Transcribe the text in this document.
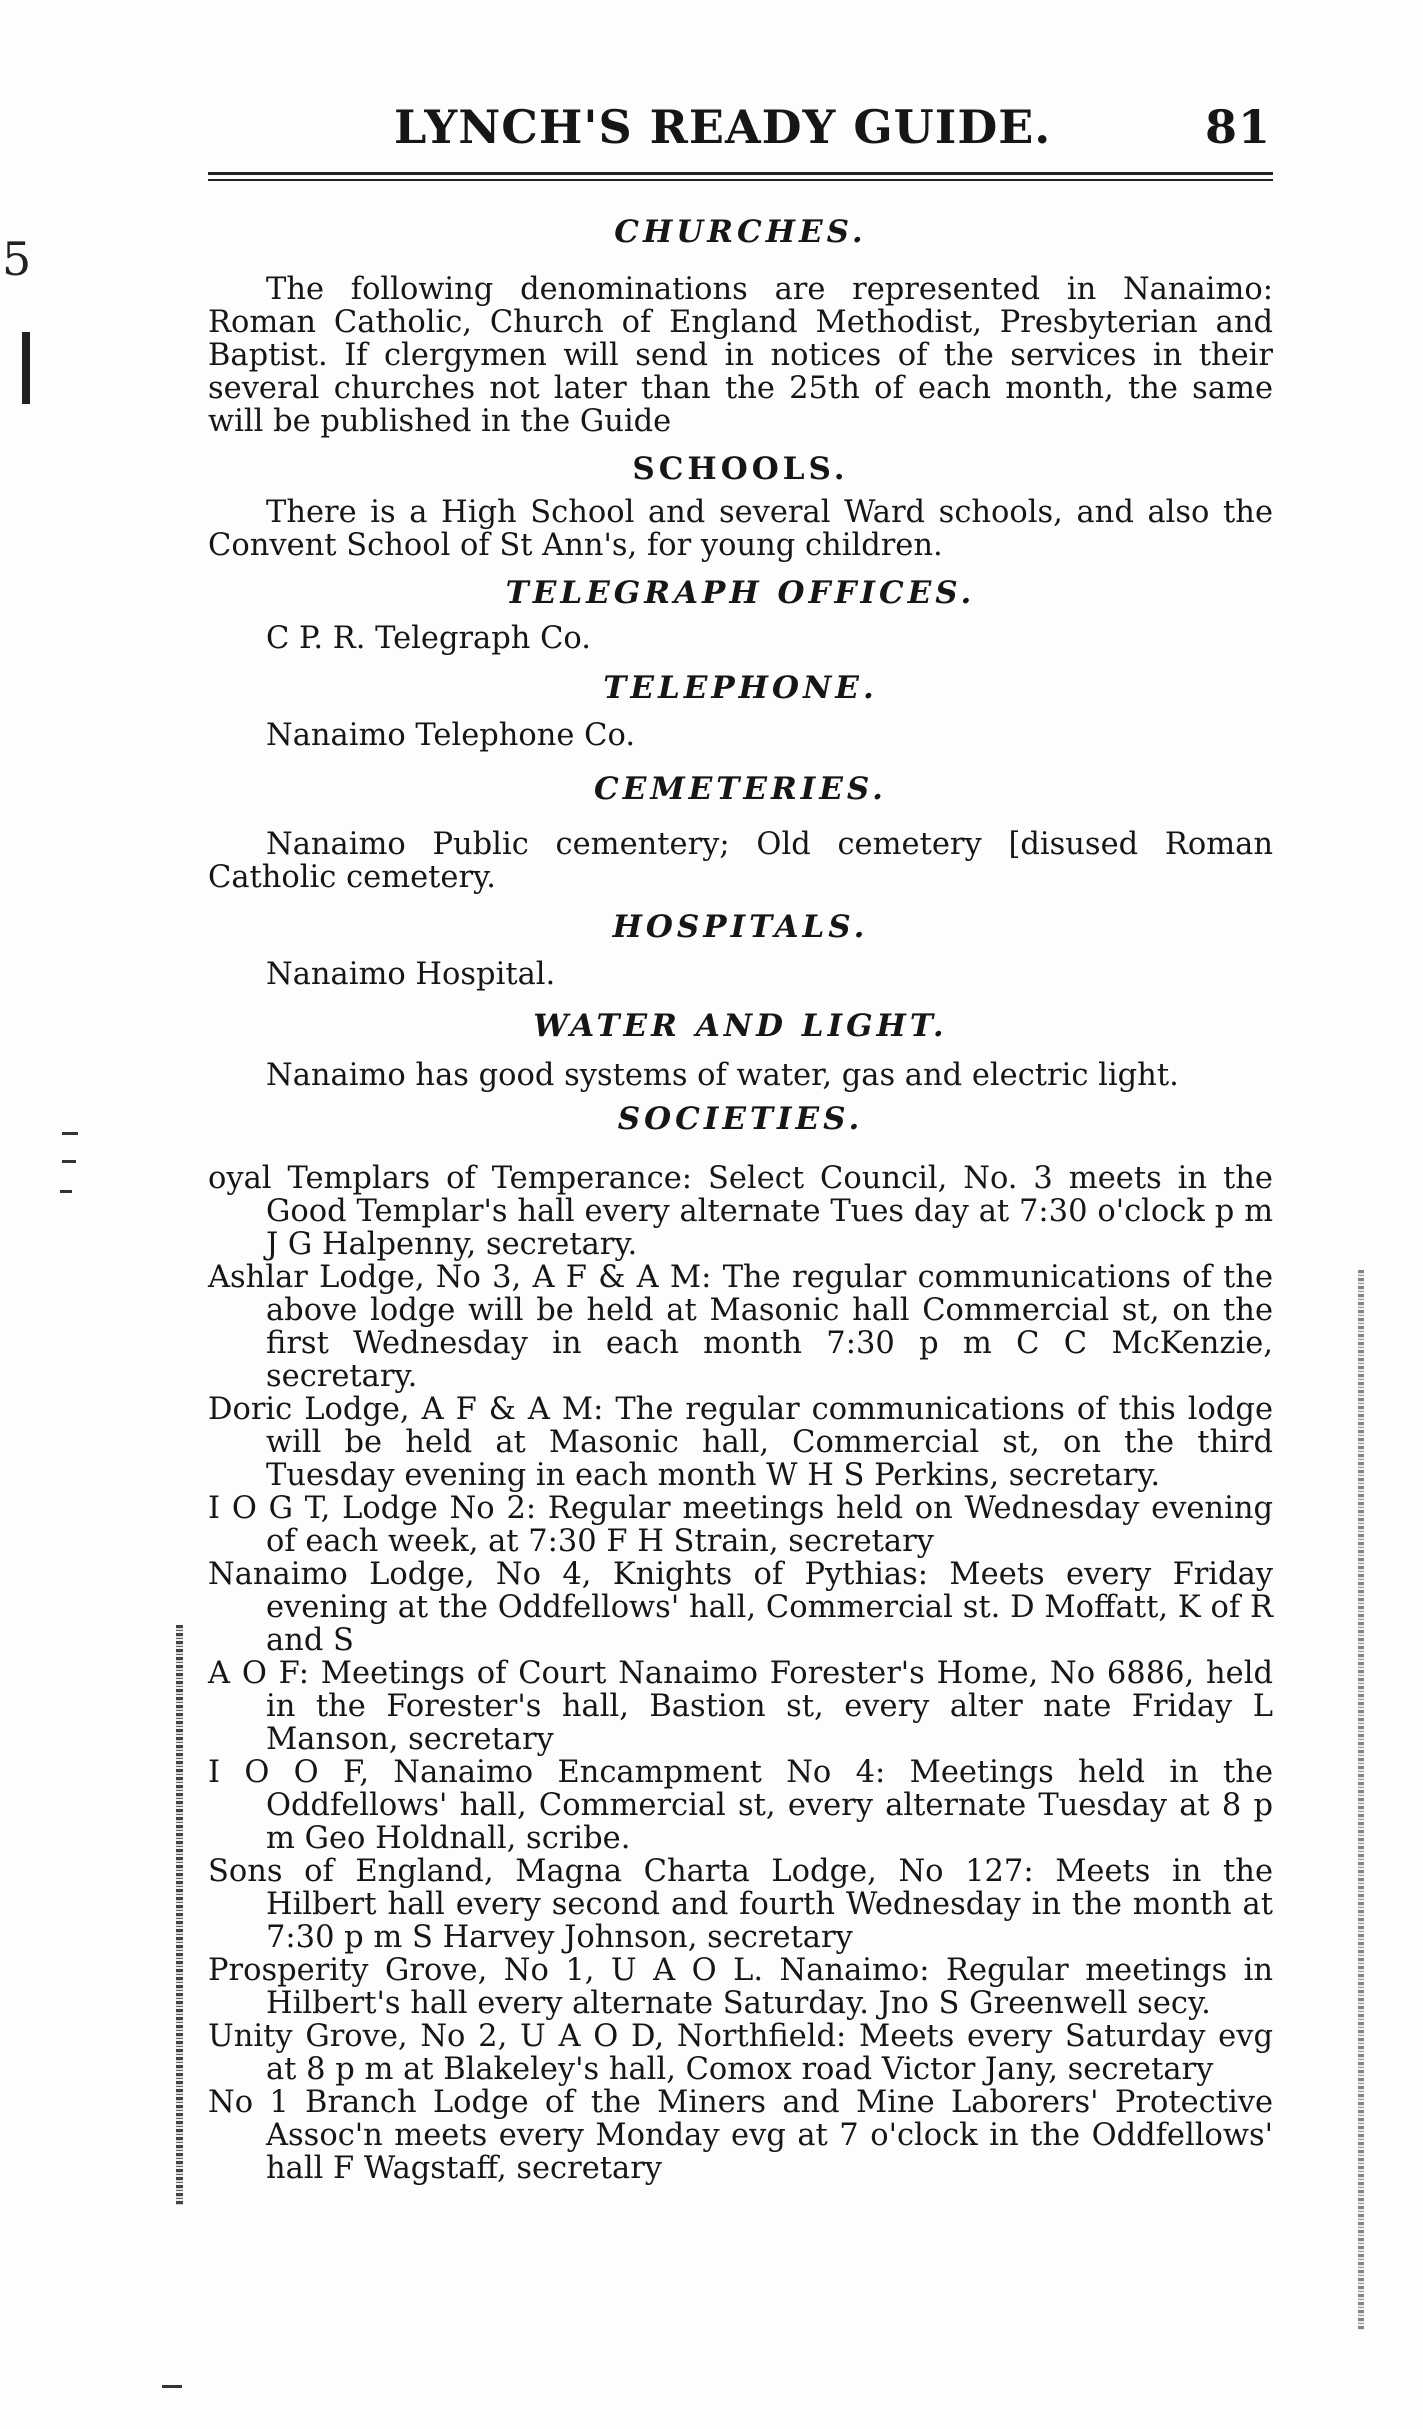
5
LYNCH'S READY GUIDE.	81
CHURCHES.

The following denominations are represented in Nanaimo: Roman Catholic, Church of England Methodist, Presbyterian and Baptist. If clergymen will send in notices of the services in their several churches not later than the 25th of each month, the same will be published in the Guide

SCHOOLS.

There is a High School and several Ward schools, and also the Convent School of St Ann's, for young children.

TELEGRAPH OFFICES.

C P. R. Telegraph Co.

TELEPHONE.

Nanaimo Telephone Co.

CEMETERIES.

Nanaimo Public cementery; Old cemetery [disused Roman Catholic cemetery.

HOSPITALS.

Nanaimo Hospital.

WATER AND LIGHT.

Nanaimo has good systems of water, gas and electric light.

SOCIETIES.
oyal Templars of Temperance: Select Council, No. 3 meets in the Good Templar's hall every alternate Tues day at 7:30 o'clock p m J G Halpenny, secretary.
Ashlar Lodge, No 3, A F & A M: The regular communications of the above lodge will be held at Masonic hall Commercial st, on the first Wednesday in each month 7:30 p m C C McKenzie, secretary.
Doric Lodge, A F & A M: The regular communications of this lodge will be held at Masonic hall, Commercial st, on the third Tuesday evening in each month W H S Perkins, secretary.
I O G T, Lodge No 2: Regular meetings held on Wednesday evening of each week, at 7:30 F H Strain, secretary
Nanaimo Lodge, No 4, Knights of Pythias: Meets every Friday evening at the Oddfellows' hall, Commercial st. D Moffatt, K of R and S
A O F: Meetings of Court Nanaimo Forester's Home, No 6886, held in the Forester's hall, Bastion st, every alter nate Friday L Manson, secretary
I O O F, Nanaimo Encampment No 4: Meetings held in the Oddfellows' hall, Commercial st, every alternate Tuesday at 8 p m Geo Holdnall, scribe.
Sons of England, Magna Charta Lodge, No 127: Meets in the Hilbert hall every second and fourth Wednesday in the month at 7:30 p m S Harvey Johnson, secretary
Prosperity Grove, No 1, U A O L. Nanaimo: Regular meetings in Hilbert's hall every alternate Saturday. Jno S Greenwell secy.
Unity Grove, No 2, U A O D, Northfield: Meets every Saturday evg at 8 p m at Blakeley's hall, Comox road Victor Jany, secretary
No 1 Branch Lodge of the Miners and Mine Laborers' Protective Assoc'n meets every Monday evg at 7 o'clock in the Oddfellows' hall F Wagstaff, secretary
